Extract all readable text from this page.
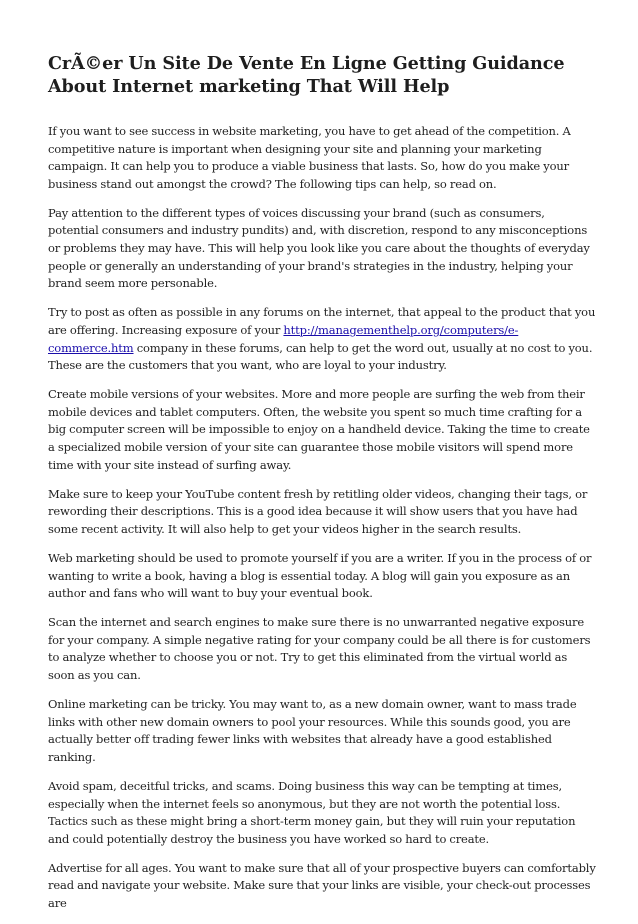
CrÃ©er Un Site De Vente En Ligne Getting Guidance About Internet marketing That Will Help

If you want to see success in website marketing, you have to get ahead of the competition. A competitive nature is important when designing your site and planning your marketing campaign. It can help you to produce a viable business that lasts. So, how do you make your business stand out amongst the crowd? The following tips can help, so read on.

Pay attention to the different types of voices discussing your brand (such as consumers, potential consumers and industry pundits) and, with discretion, respond to any misconceptions or problems they may have. This will help you look like you care about the thoughts of everyday people or generally an understanding of your brand's strategies in the industry, helping your brand seem more personable.

Try to post as often as possible in any forums on the internet, that appeal to the product that you are offering. Increasing exposure of your http://managementhelp.org/computers/e-commerce.htm company in these forums, can help to get the word out, usually at no cost to you. These are the customers that you want, who are loyal to your industry.

Create mobile versions of your websites. More and more people are surfing the web from their mobile devices and tablet computers. Often, the website you spent so much time crafting for a big computer screen will be impossible to enjoy on a handheld device. Taking the time to create a specialized mobile version of your site can guarantee those mobile visitors will spend more time with your site instead of surfing away.

Make sure to keep your YouTube content fresh by retitling older videos, changing their tags, or rewording their descriptions. This is a good idea because it will show users that you have had some recent activity. It will also help to get your videos higher in the search results.

Web marketing should be used to promote yourself if you are a writer. If you in the process of or wanting to write a book, having a blog is essential today. A blog will gain you exposure as an author and fans who will want to buy your eventual book.

Scan the internet and search engines to make sure there is no unwarranted negative exposure for your company. A simple negative rating for your company could be all there is for customers to analyze whether to choose you or not. Try to get this eliminated from the virtual world as soon as you can.

Online marketing can be tricky. You may want to, as a new domain owner, want to mass trade links with other new domain owners to pool your resources. While this sounds good, you are actually better off trading fewer links with websites that already have a good established ranking.

Avoid spam, deceitful tricks, and scams. Doing business this way can be tempting at times, especially when the internet feels so anonymous, but they are not worth the potential loss. Tactics such as these might bring a short-term money gain, but they will ruin your reputation and could potentially destroy the business you have worked so hard to create.

Advertise for all ages. You want to make sure that all of your prospective buyers can comfortably read and navigate your website. Make sure that your links are visible, your check-out processes are
